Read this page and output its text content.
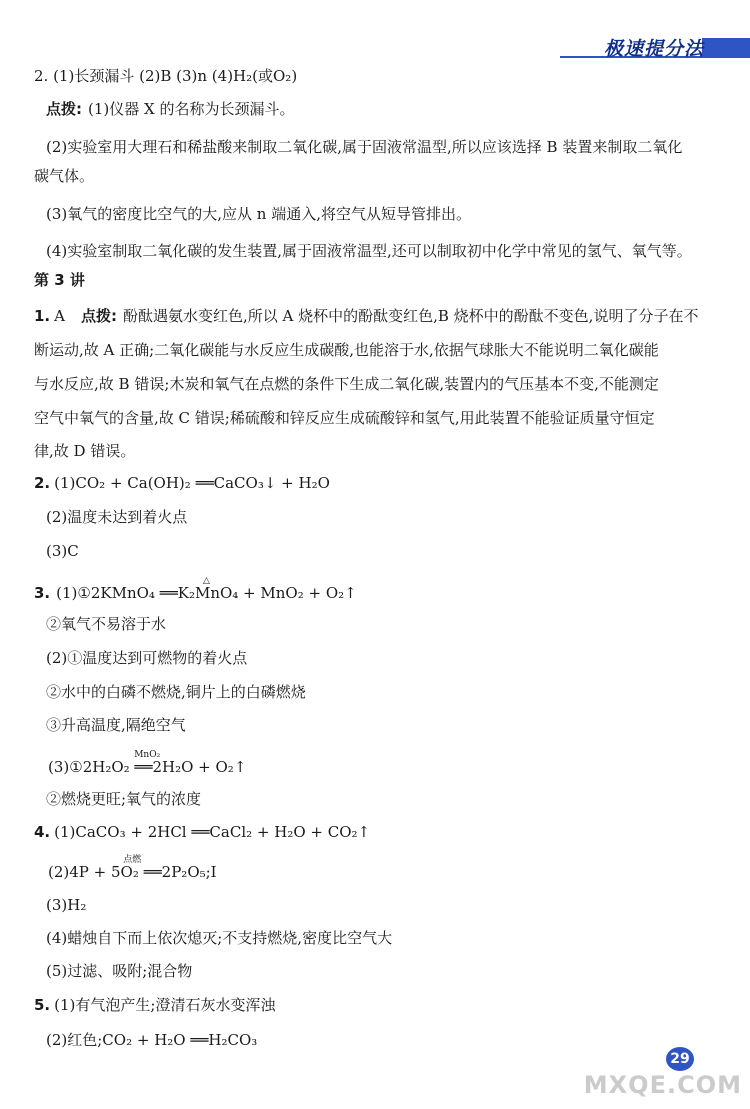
极速提分法
2. (1)长颈漏斗 (2)B (3)n (4)H₂(或O₂)
点拨: (1)仪器 X 的名称为长颈漏斗。
(2)实验室用大理石和稀盐酸来制取二氧化碳,属于固液常温型,所以应该选择 B 装置来制取二氧化
碳气体。
(3)氧气的密度比空气的大,应从 n 端通入,将空气从短导管排出。
(4)实验室制取二氧化碳的发生装置,属于固液常温型,还可以制取初中化学中常见的氢气、氧气等。
第 3 讲
1. A 点拨: 酚酞遇氨水变红色,所以 A 烧杯中的酚酞变红色,B 烧杯中的酚酞不变色,说明了分子在不
断运动,故 A 正确;二氧化碳能与水反应生成碳酸,也能溶于水,依据气球胀大不能说明二氧化碳能
与水反应,故 B 错误;木炭和氧气在点燃的条件下生成二氧化碳,装置内的气压基本不变,不能测定
空气中氧气的含量,故 C 错误;稀硫酸和锌反应生成硫酸锌和氢气,用此装置不能验证质量守恒定
律,故 D 错误。
2. (1)CO₂ + Ca(OH)₂ ══CaCO₃↓ + H₂O
(2)温度未达到着火点
(3)C
3.
△
(1)①2KMnO₄ ══K₂MnO₄ + MnO₂ + O₂↑
②氧气不易溶于水
(2)①温度达到可燃物的着火点
②水中的白磷不燃烧,铜片上的白磷燃烧
③升高温度,隔绝空气
MnO₂
(3)①2H₂O₂ ══2H₂O + O₂↑
②燃烧更旺;氧气的浓度
4. (1)CaCO₃ + 2HCl ══CaCl₂ + H₂O + CO₂↑
点燃
(2)4P + 5O₂ ══2P₂O₅;I
(3)H₂
(4)蜡烛自下而上依次熄灭;不支持燃烧,密度比空气大
(5)过滤、吸附;混合物
5. (1)有气泡产生;澄清石灰水变浑浊
(2)红色;CO₂ + H₂O ══H₂CO₃
29
MXQE.COM
